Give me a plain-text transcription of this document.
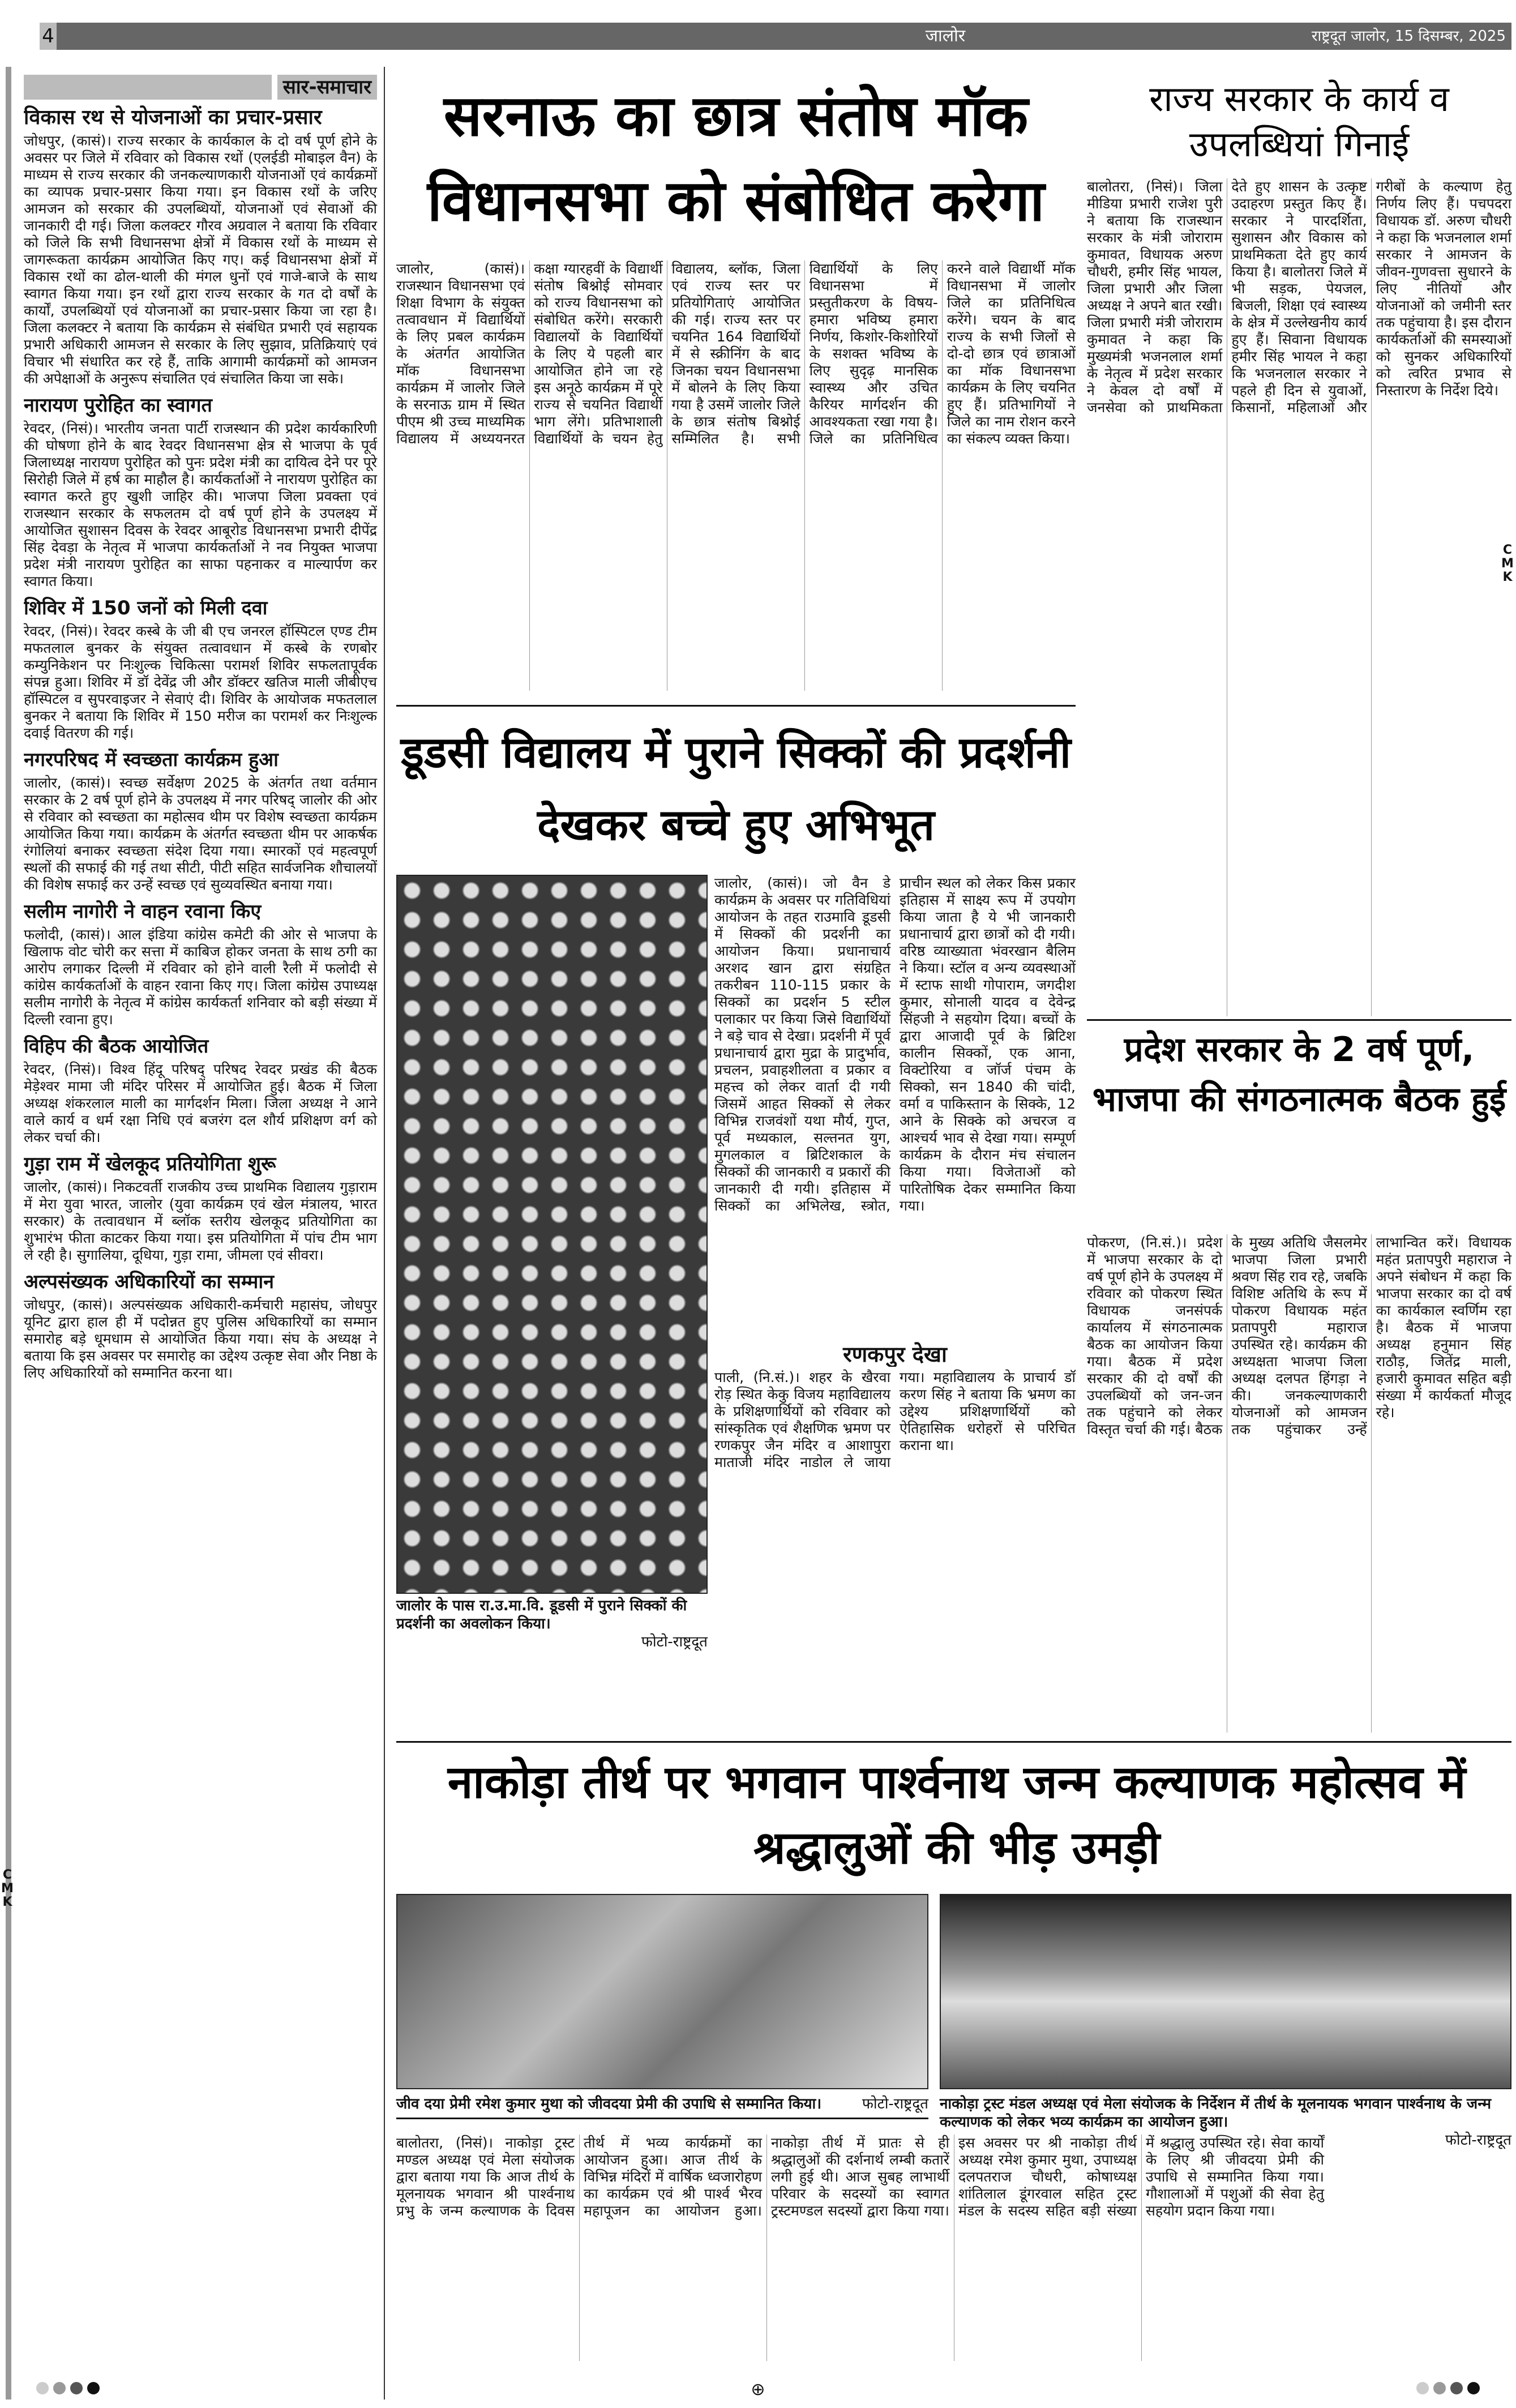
जालोर	राष्ट्रदूत जालोर, 15 दिसम्बर, 2025
4
सार-समाचार
विकास रथ से योजनाओं का प्रचार-प्रसार

जोधपुर, (कासं)। राज्य सरकार के कार्यकाल के दो वर्ष पूर्ण होने के अवसर पर जिले में रविवार को विकास रथों (एलईडी मोबाइल वैन) के माध्यम से राज्य सरकार की जनकल्याणकारी योजनाओं एवं कार्यक्रमों का व्यापक प्रचार-प्रसार किया गया। इन विकास रथों के जरिए आमजन को सरकार की उपलब्धियों, योजनाओं एवं सेवाओं की जानकारी दी गई। जिला कलक्टर गौरव अग्रवाल ने बताया कि रविवार को जिले कि सभी विधानसभा क्षेत्रों में विकास रथों के माध्यम से जागरूकता कार्यक्रम आयोजित किए गए। कई विधानसभा क्षेत्रों में विकास रथों का ढोल-थाली की मंगल धुनों एवं गाजे-बाजे के साथ स्वागत किया गया। इन रथों द्वारा राज्य सरकार के गत दो वर्षों के कार्यों, उपलब्धियों एवं योजनाओं का प्रचार-प्रसार किया जा रहा है। जिला कलक्टर ने बताया कि कार्यक्रम से संबंधित प्रभारी एवं सहायक प्रभारी अधिकारी आमजन से सरकार के लिए सुझाव, प्रतिक्रियाएं एवं विचार भी संधारित कर रहे हैं, ताकि आगामी कार्यक्रमों को आमजन की अपेक्षाओं के अनुरूप संचालित एवं संचालित किया जा सके।

नारायण पुरोहित का स्वागत

रेवदर, (निसं)। भारतीय जनता पार्टी राजस्थान की प्रदेश कार्यकारिणी की घोषणा होने के बाद रेवदर विधानसभा क्षेत्र से भाजपा के पूर्व जिलाध्यक्ष नारायण पुरोहित को पुनः प्रदेश मंत्री का दायित्व देने पर पूरे सिरोही जिले में हर्ष का माहौल है। कार्यकर्ताओं ने नारायण पुरोहित का स्वागत करते हुए खुशी जाहिर की। भाजपा जिला प्रवक्ता एवं राजस्थान सरकार के सफलतम दो वर्ष पूर्ण होने के उपलक्ष्य में आयोजित सुशासन दिवस के रेवदर आबूरोड विधानसभा प्रभारी दीपेंद्र सिंह देवड़ा के नेतृत्व में भाजपा कार्यकर्ताओं ने नव नियुक्त भाजपा प्रदेश मंत्री नारायण पुरोहित का साफा पहनाकर व माल्यार्पण कर स्वागत किया।

शिविर में 150 जनों को मिली दवा

रेवदर, (निसं)। रेवदर कस्बे के जी बी एच जनरल हॉस्पिटल एण्ड टीम मफतलाल बुनकर के संयुक्त तत्वावधान में कस्बे के रणबोर कम्युनिकेशन पर निःशुल्क चिकित्सा परामर्श शिविर सफलतापूर्वक संपन्न हुआ। शिविर में डॉ देवेंद्र जी और डॉक्टर खतिज माली जीबीएच हॉस्पिटल व सुपरवाइजर ने सेवाएं दी। शिविर के आयोजक मफतलाल बुनकर ने बताया कि शिविर में 150 मरीज का परामर्श कर निःशुल्क दवाई वितरण की गई।

नगरपरिषद में स्वच्छता कार्यक्रम हुआ

जालोर, (कासं)। स्वच्छ सर्वेक्षण 2025 के अंतर्गत तथा वर्तमान सरकार के 2 वर्ष पूर्ण होने के उपलक्ष्य में नगर परिषद् जालोर की ओर से रविवार को स्वच्छता का महोत्सव थीम पर विशेष स्वच्छता कार्यक्रम आयोजित किया गया। कार्यक्रम के अंतर्गत स्वच्छता थीम पर आकर्षक रंगोलियां बनाकर स्वच्छता संदेश दिया गया। स्मारकों एवं महत्वपूर्ण स्थलों की सफाई की गई तथा सीटी, पीटी सहित सार्वजनिक शौचालयों की विशेष सफाई कर उन्हें स्वच्छ एवं सुव्यवस्थित बनाया गया।

सलीम नागोरी ने वाहन रवाना किए

फलोदी, (कासं)। आल इंडिया कांग्रेस कमेटी की ओर से भाजपा के खिलाफ वोट चोरी कर सत्ता में काबिज होकर जनता के साथ ठगी का आरोप लगाकर दिल्ली में रविवार को होने वाली रैली में फलोदी से कांग्रेस कार्यकर्ताओं के वाहन रवाना किए गए। जिला कांग्रेस उपाध्यक्ष सलीम नागोरी के नेतृत्व में कांग्रेस कार्यकर्ता शनिवार को बड़ी संख्या में दिल्ली रवाना हुए।

विहिप की बैठक आयोजित

रेवदर, (निसं)। विश्व हिंदू परिषद् परिषद रेवदर प्रखंड की बैठक मेड़ेश्वर मामा जी मंदिर परिसर में आयोजित हुई। बैठक में जिला अध्यक्ष शंकरलाल माली का मार्गदर्शन मिला। जिला अध्यक्ष ने आने वाले कार्य व धर्म रक्षा निधि एवं बजरंग दल शौर्य प्रशिक्षण वर्ग को लेकर चर्चा की।

गुड़ा राम में खेलकूद प्रतियोगिता शुरू

जालोर, (कासं)। निकटवर्ती राजकीय उच्च प्राथमिक विद्यालय गुड़ाराम में मेरा युवा भारत, जालोर (युवा कार्यक्रम एवं खेल मंत्रालय, भारत सरकार) के तत्वावधान में ब्लॉक स्तरीय खेलकूद प्रतियोगिता का शुभारंभ फीता काटकर किया गया। इस प्रतियोगिता में पांच टीम भाग ले रही है। सुगालिया, दूधिया, गुड़ा रामा, जीमला एवं सीवरा।

अल्पसंख्यक अधिकारियों का सम्मान

जोधपुर, (कासं)। अल्पसंख्यक अधिकारी-कर्मचारी महासंघ, जोधपुर यूनिट द्वारा हाल ही में पदोन्नत हुए पुलिस अधिकारियों का सम्मान समारोह बड़े धूमधाम से आयोजित किया गया। संघ के अध्यक्ष ने बताया कि इस अवसर पर समारोह का उद्देश्य उत्कृष्ट सेवा और निष्ठा के लिए अधिकारियों को सम्मानित करना था।

सरनाऊ का छात्र संतोष मॉक विधानसभा को संबोधित करेगा
जालोर, (कासं)। राजस्थान विधानसभा एवं शिक्षा विभाग के संयुक्त तत्वावधान में विद्यार्थियों के लिए प्रबल कार्यक्रम के अंतर्गत आयोजित मॉक विधानसभा कार्यक्रम में जालोर जिले के सरनाऊ ग्राम में स्थित पीएम श्री उच्च माध्यमिक विद्यालय में अध्ययनरत कक्षा ग्यारहवीं के विद्यार्थी संतोष बिश्नोई सोमवार को राज्य विधानसभा को संबोधित करेंगे। सरकारी विद्यालयों के विद्यार्थियों के लिए ये पहली बार आयोजित होने जा रहे इस अनूठे कार्यक्रम में पूरे राज्य से चयनित विद्यार्थी भाग लेंगे। प्रतिभाशाली विद्यार्थियों के चयन हेतु विद्यालय, ब्लॉक, जिला एवं राज्य स्तर पर प्रतियोगिताएं आयोजित की गई। राज्य स्तर पर चयनित 164 विद्यार्थियों में से स्क्रीनिंग के बाद जिनका चयन विधानसभा में बोलने के लिए किया गया है उसमें जालोर जिले के छात्र संतोष बिश्नोई सम्मिलित है। सभी विद्यार्थियों के लिए विधानसभा में प्रस्तुतीकरण के विषय- हमारा भविष्य हमारा निर्णय, किशोर-किशोरियों के सशक्त भविष्य के लिए सुदृढ़ मानसिक स्वास्थ्य और उचित कैरियर मार्गदर्शन की आवश्यकता रखा गया है। जिले का प्रतिनिधित्व करने वाले विद्यार्थी मॉक विधानसभा में जालोर जिले का प्रतिनिधित्व करेंगे। चयन के बाद राज्य के सभी जिलों से दो-दो छात्र एवं छात्राओं का मॉक विधानसभा कार्यक्रम के लिए चयनित हुए हैं। प्रतिभागियों ने जिले का नाम रोशन करने का संकल्प व्यक्त किया।
राज्य सरकार के कार्य व उपलब्धियां गिनाई
बालोतरा, (निसं)। जिला मीडिया प्रभारी राजेश पुरी ने बताया कि राजस्थान सरकार के मंत्री जोराराम कुमावत, विधायक अरुण चौधरी, हमीर सिंह भायल, जिला प्रभारी और जिला अध्यक्ष ने अपने बात रखी। जिला प्रभारी मंत्री जोराराम कुमावत ने कहा कि मुख्यमंत्री भजनलाल शर्मा के नेतृत्व में प्रदेश सरकार ने केवल दो वर्षों में जनसेवा को प्राथमिकता देते हुए शासन के उत्कृष्ट उदाहरण प्रस्तुत किए हैं। सरकार ने पारदर्शिता, सुशासन और विकास को प्राथमिकता देते हुए कार्य किया है। बालोतरा जिले में भी सड़क, पेयजल, बिजली, शिक्षा एवं स्वास्थ्य के क्षेत्र में उल्लेखनीय कार्य हुए हैं। सिवाना विधायक हमीर सिंह भायल ने कहा कि भजनलाल सरकार ने पहले ही दिन से युवाओं, किसानों, महिलाओं और गरीबों के कल्याण हेतु निर्णय लिए हैं। पचपदरा विधायक डॉ. अरुण चौधरी ने कहा कि भजनलाल शर्मा सरकार ने आमजन के जीवन-गुणवत्ता सुधारने के लिए नीतियों और योजनाओं को जमीनी स्तर तक पहुंचाया है। इस दौरान कार्यकर्ताओं की समस्याओं को सुनकर अधिकारियों को त्वरित प्रभाव से निस्तारण के निर्देश दिये।
डूडसी विद्यालय में पुराने सिक्कों की प्रदर्शनी देखकर बच्चे हुए अभिभूत
जालोर के पास रा.उ.मा.वि. डूडसी में पुराने सिक्कों की प्रदर्शनी का अवलोकन किया।
फोटो-राष्ट्रदूत
जालोर, (कासं)। जो वैन डे कार्यक्रम के अवसर पर गतिविधियां आयोजन के तहत राउमावि डूडसी में सिक्कों की प्रदर्शनी का आयोजन किया। प्रधानाचार्य अरशद खान द्वारा संग्रहित तकरीबन 110-115 प्रकार के सिक्कों का प्रदर्शन 5 स्टील पलाकार पर किया जिसे विद्यार्थियों ने बड़े चाव से देखा। प्रदर्शनी में पूर्व प्रधानाचार्य द्वारा मुद्रा के प्रादुर्भाव, प्रचलन, प्रवाहशीलता व प्रकार व महत्त्व को लेकर वार्ता दी गयी जिसमें आहत सिक्कों से लेकर विभिन्न राजवंशों यथा मौर्य, गुप्त, पूर्व मध्यकाल, सल्तनत युग, मुगलकाल व ब्रिटिशकाल के सिक्कों की जानकारी व प्रकारों की जानकारी दी गयी। इतिहास में सिक्कों का अभिलेख, स्त्रोत, प्राचीन स्थल को लेकर किस प्रकार इतिहास में साक्ष्य रूप में उपयोग किया जाता है ये भी जानकारी प्रधानाचार्य द्वारा छात्रों को दी गयी। वरिष्ठ व्याख्याता भंवरखान बैलिम ने किया। स्टॉल व अन्य व्यवस्थाओं में स्टाफ साथी गोपाराम, जगदीश कुमार, सोनाली यादव व देवेन्द्र सिंहजी ने सहयोग दिया। बच्चों के द्वारा आजादी पूर्व के ब्रिटिश कालीन सिक्कों, एक आना, विक्टोरिया व जॉर्ज पंचम के सिक्को, सन 1840 की चांदी, वर्मा व पाकिस्तान के सिक्के, 12 आने के सिक्के को अचरज व आश्चर्य भाव से देखा गया। सम्पूर्ण कार्यक्रम के दौरान मंच संचालन किया गया। विजेताओं को पारितोषिक देकर सम्मानित किया गया।
रणकपुर देखा

पाली, (नि.सं.)। शहर के खैरवा रोड़ स्थित केकु विजय महाविद्यालय के प्रशिक्षणार्थियों को रविवार को सांस्कृतिक एवं शैक्षणिक भ्रमण पर रणकपुर जैन मंदिर व आशापुरा माताजी मंदिर नाडोल ले जाया गया। महाविद्यालय के प्राचार्य डॉ करण सिंह ने बताया कि भ्रमण का उद्देश्य प्रशिक्षणार्थियों को ऐतिहासिक धरोहरों से परिचित कराना था।

प्रदेश सरकार के 2 वर्ष पूर्ण, भाजपा की संगठनात्मक बैठक हुई
पोकरण, (नि.सं.)। प्रदेश में भाजपा सरकार के दो वर्ष पूर्ण होने के उपलक्ष्य में रविवार को पोकरण स्थित विधायक जनसंपर्क कार्यालय में संगठनात्मक बैठक का आयोजन किया गया। बैठक में प्रदेश सरकार की दो वर्षों की उपलब्धियों को जन-जन तक पहुंचाने को लेकर विस्तृत चर्चा की गई। बैठक के मुख्य अतिथि जैसलमेर भाजपा जिला प्रभारी श्रवण सिंह राव रहे, जबकि विशिष्ट अतिथि के रूप में पोकरण विधायक महंत प्रतापपुरी महाराज उपस्थित रहे। कार्यक्रम की अध्यक्षता भाजपा जिला अध्यक्ष दलपत हिंगड़ा ने की। जनकल्याणकारी योजनाओं को आमजन तक पहुंचाकर उन्हें लाभान्वित करें। विधायक महंत प्रतापपुरी महाराज ने अपने संबोधन में कहा कि भाजपा सरकार का दो वर्ष का कार्यकाल स्वर्णिम रहा है। बैठक में भाजपा अध्यक्ष हनुमान सिंह राठौड़, जितेंद्र माली, हजारी कुमावत सहित बड़ी संख्या में कार्यकर्ता मौजूद रहे।
नाकोड़ा तीर्थ पर भगवान पार्श्वनाथ जन्म कल्याणक महोत्सव में श्रद्धालुओं की भीड़ उमड़ी
जीव दया प्रेमी रमेश कुमार मुथा को जीवदया प्रेमी की उपाधि से सम्मानित किया।	फोटो-राष्ट्रदूत नाकोड़ा ट्रस्ट मंडल अध्यक्ष एवं मेला संयोजक के निर्देशन में तीर्थ के मूलनायक भगवान पार्श्वनाथ के जन्म कल्याणक को लेकर भव्य कार्यक्रम का आयोजन हुआ।
फोटो-राष्ट्रदूत
बालोतरा, (निसं)। नाकोड़ा ट्रस्ट मण्डल अध्यक्ष एवं मेला संयोजक द्वारा बताया गया कि आज तीर्थ के मूलनायक भगवान श्री पार्श्वनाथ प्रभु के जन्म कल्याणक के दिवस तीर्थ में भव्य कार्यक्रमों का आयोजन हुआ। आज तीर्थ के विभिन्न मंदिरों में वार्षिक ध्वजारोहण का कार्यक्रम एवं श्री पार्श्व भैरव महापूजन का आयोजन हुआ। नाकोड़ा तीर्थ में प्रातः से ही श्रद्धालुओं की दर्शनार्थ लम्बी कतारें लगी हुई थी। आज सुबह लाभार्थी परिवार के सदस्यों का स्वागत ट्रस्टमण्डल सदस्यों द्वारा किया गया। इस अवसर पर श्री नाकोड़ा तीर्थ अध्यक्ष रमेश कुमार मुथा, उपाध्यक्ष दलपतराज चौधरी, कोषाध्यक्ष शांतिलाल डूंगरवाल सहित ट्रस्ट मंडल के सदस्य सहित बड़ी संख्या में श्रद्धालु उपस्थित रहे। सेवा कार्यों के लिए श्री जीवदया प्रेमी की उपाधि से सम्मानित किया गया। गौशालाओं में पशुओं की सेवा हेतु सहयोग प्रदान किया गया।
⊕
C
M
K
C
M
K
